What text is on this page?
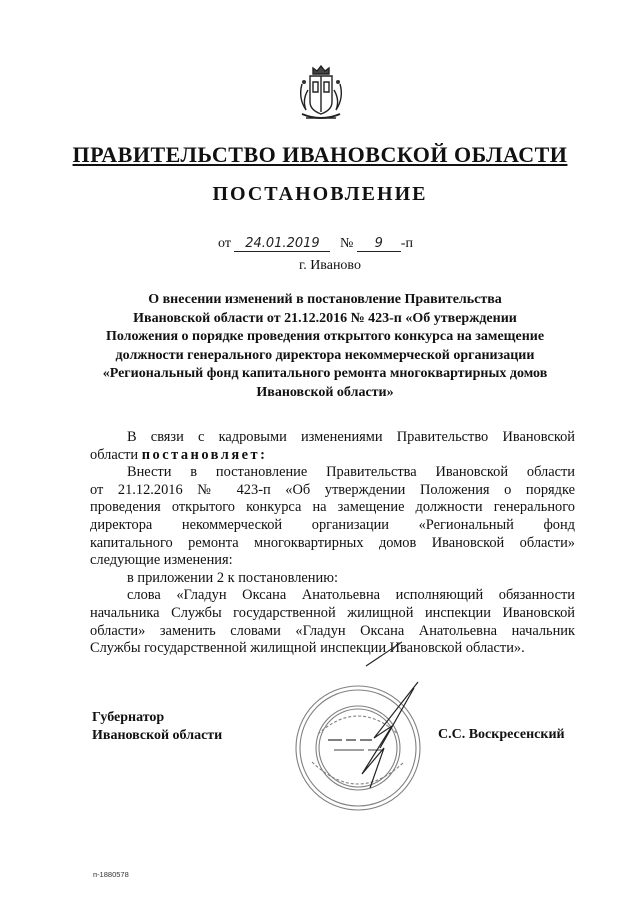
ПРАВИТЕЛЬСТВО ИВАНОВСКОЙ ОБЛАСТИ
ПОСТАНОВЛЕНИЕ
от 24.01.2019 № 9 -п
г. Иваново
О внесении изменений в постановление Правительства
Ивановской области от 21.12.2016 № 423-п «Об утверждении
Положения о порядке проведения открытого конкурса на замещение
должности генерального директора некоммерческой организации
«Региональный фонд капитального ремонта многоквартирных домов
Ивановской области»
В связи с кадровыми изменениями Правительство Ивановской
области постановляет:
Внести в постановление Правительства Ивановской области
от 21.12.2016 № 423-п «Об утверждении Положения о порядке
проведения открытого конкурса на замещение должности генерального
директора некоммерческой организации «Региональный фонд
капитального ремонта многоквартирных домов Ивановской области»
следующие изменения:
в приложении 2 к постановлению:
слова «Гладун Оксана Анатольевна исполняющий обязанности
начальника Службы государственной жилищной инспекции Ивановской
области» заменить словами «Гладун Оксана Анатольевна начальник
Службы государственной жилищной инспекции Ивановской области».
Губернатор
Ивановской области	С.С. Воскресенский
п-1880578
